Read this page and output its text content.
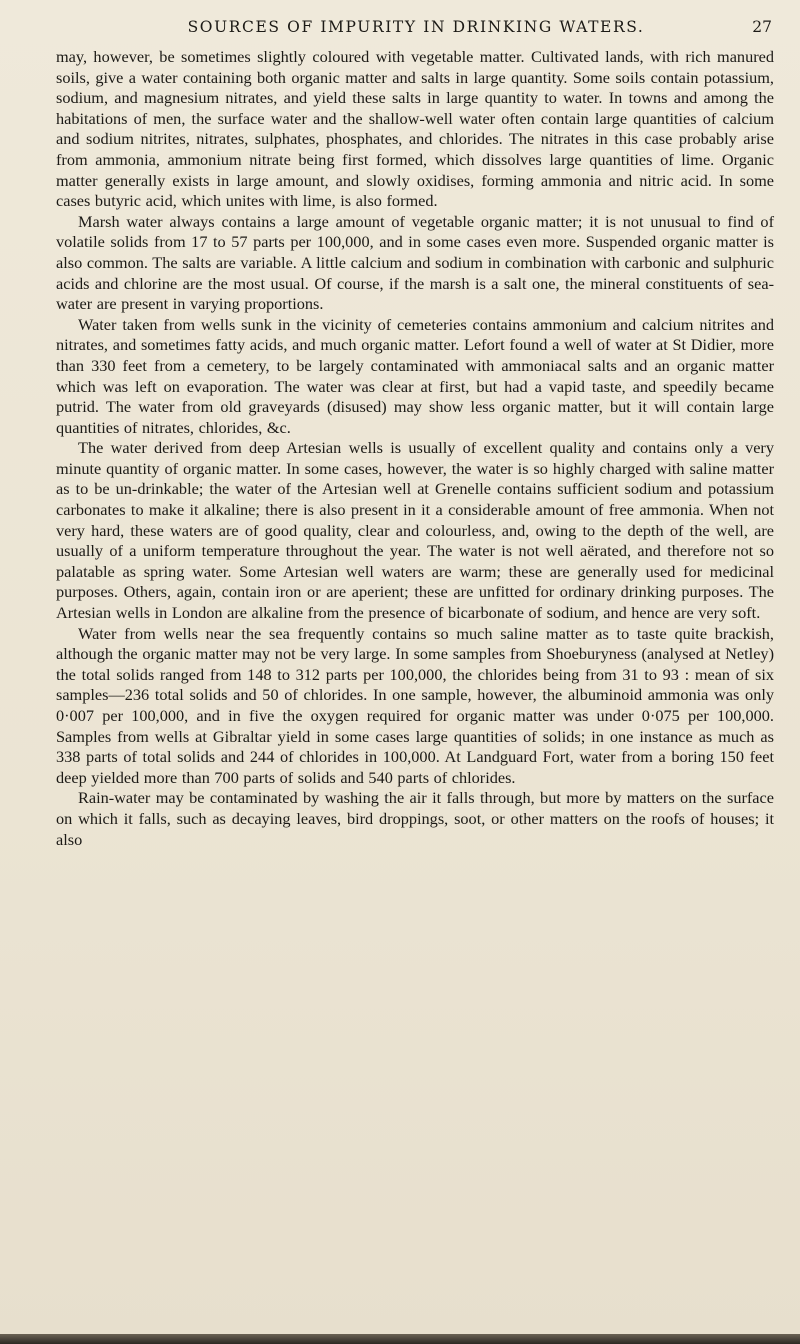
SOURCES OF IMPURITY IN DRINKING WATERS.	27

may, however, be sometimes slightly coloured with vegetable matter. Cultivated lands, with rich manured soils, give a water containing both organic matter and salts in large quantity. Some soils contain potassium, sodium, and magnesium nitrates, and yield these salts in large quantity to water. In towns and among the habitations of men, the surface water and the shallow-well water often contain large quantities of calcium and sodium nitrites, nitrates, sulphates, phosphates, and chlorides. The nitrates in this case probably arise from ammonia, ammonium nitrate being first formed, which dissolves large quantities of lime. Organic matter generally exists in large amount, and slowly oxidises, forming ammonia and nitric acid. In some cases butyric acid, which unites with lime, is also formed.

Marsh water always contains a large amount of vegetable organic matter; it is not unusual to find of volatile solids from 17 to 57 parts per 100,000, and in some cases even more. Suspended organic matter is also common. The salts are variable. A little calcium and sodium in combination with carbonic and sulphuric acids and chlorine are the most usual. Of course, if the marsh is a salt one, the mineral constituents of sea-water are present in varying proportions.

Water taken from wells sunk in the vicinity of cemeteries contains ammonium and calcium nitrites and nitrates, and sometimes fatty acids, and much organic matter. Lefort found a well of water at St Didier, more than 330 feet from a cemetery, to be largely contaminated with ammoniacal salts and an organic matter which was left on evaporation. The water was clear at first, but had a vapid taste, and speedily became putrid. The water from old graveyards (disused) may show less organic matter, but it will contain large quantities of nitrates, chlorides, &c.

The water derived from deep Artesian wells is usually of excellent quality and contains only a very minute quantity of organic matter. In some cases, however, the water is so highly charged with saline matter as to be un-drinkable; the water of the Artesian well at Grenelle contains sufficient sodium and potassium carbonates to make it alkaline; there is also present in it a considerable amount of free ammonia. When not very hard, these waters are of good quality, clear and colourless, and, owing to the depth of the well, are usually of a uniform temperature throughout the year. The water is not well aërated, and therefore not so palatable as spring water. Some Artesian well waters are warm; these are generally used for medicinal purposes. Others, again, contain iron or are aperient; these are unfitted for ordinary drinking purposes. The Artesian wells in London are alkaline from the presence of bicarbonate of sodium, and hence are very soft.

Water from wells near the sea frequently contains so much saline matter as to taste quite brackish, although the organic matter may not be very large. In some samples from Shoeburyness (analysed at Netley) the total solids ranged from 148 to 312 parts per 100,000, the chlorides being from 31 to 93 : mean of six samples—236 total solids and 50 of chlorides. In one sample, however, the albuminoid ammonia was only 0·007 per 100,000, and in five the oxygen required for organic matter was under 0·075 per 100,000. Samples from wells at Gibraltar yield in some cases large quantities of solids; in one instance as much as 338 parts of total solids and 244 of chlorides in 100,000. At Landguard Fort, water from a boring 150 feet deep yielded more than 700 parts of solids and 540 parts of chlorides.

Rain-water may be contaminated by washing the air it falls through, but more by matters on the surface on which it falls, such as decaying leaves, bird droppings, soot, or other matters on the roofs of houses; it also
